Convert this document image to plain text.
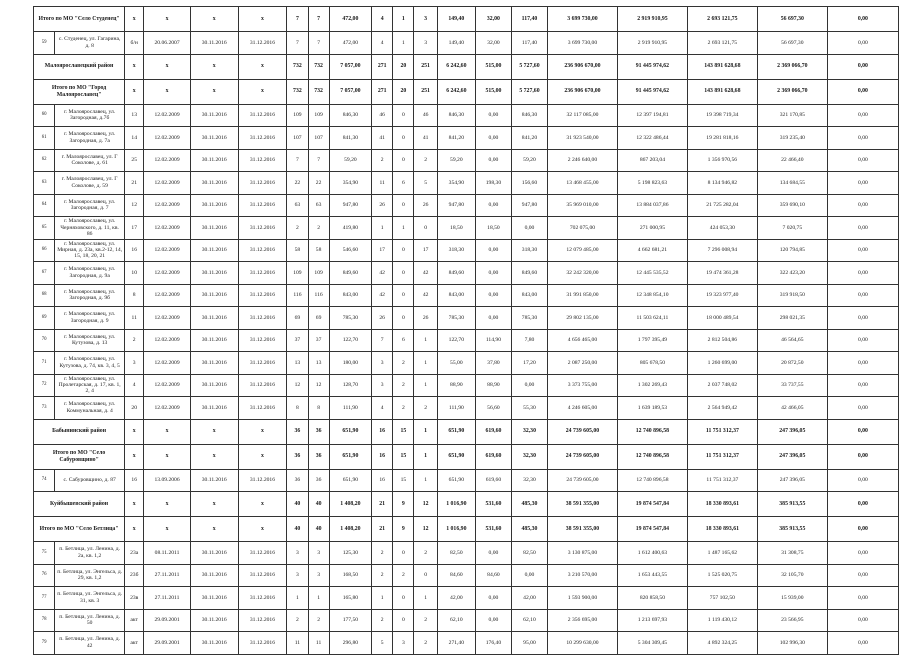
Итого по МО "Село Студенец"		х	х	х	х	7	7	472,00	4	1	3	149,40	32,00	117,40	3 699 730,00	2 919 910,95	2 693 121,75	56 697,30	0,00
59	с. Студенец, ул. Гагарина, д. 8	б/н	20.06.2007	30.11.2016	31.12.2016	7	7	472,00	4	1	3	149,40	32,00	117,40	3 699 730,00	2 919 910,95	2 693 121,75	56 697,30	0,00
Малоярославецкий район		х	х	х	х	732	732	7 057,00	271	20	251	6 242,60	515,00	5 727,60	236 906 670,00	91 445 974,62	143 891 628,68	2 369 066,70	0,00
Итого по МО "Город Малоярославец"		х	х	х	х	732	732	7 057,00	271	20	251	6 242,60	515,00	5 727,60	236 906 670,00	91 445 974,62	143 891 628,68	2 369 066,70	0,00
60	г. Малоярославец, ул. Загородная, д.7б	13	12.02.2009	30.11.2016	31.12.2016	109	109	846,30	46	0	46	846,30	0,00	846,30	32 117 085,00	12 397 194,81	19 398 719,34	321 170,85	0,00
61	г. Малоярославец, ул. Загородная, д. 7а	14	12.02.2009	30.11.2016	31.12.2016	107	107	841,30	41	0	41	841,20	0,00	841,20	31 923 540,00	12 322 486,44	19 281 818,16	319 235,40	0,00
62	г. Малоярославец, ул. Г Соколове, д. 61	25	12.02.2009	30.11.2016	31.12.2016	7	7	59,20	2	0	2	59,20	0,00	59,20	2 246 640,00	867 203,04	1 356 970,56	22 466,40	0,00
63	г. Малоярославец, ул. Г Соколове, д. 59	21	12.02.2009	30.11.2016	31.12.2016	22	22	354,90	11	6	5	354,90	198,30	156,60	13 468 455,00	5 198 823,63	8 134 946,82	134 684,55	0,00
64	г. Малоярославец, ул. Загородная, д. 7	12	12.02.2009	30.11.2016	31.12.2016	63	63	947,80	26	0	26	947,80	0,00	947,80	35 969 010,00	13 884 037,86	21 725 282,04	359 690,10	0,00
65	г. Малоярославец, ул. Черняховского, д. 11, кв. 86	17	12.02.2009	30.11.2016	31.12.2016	2	2	419,80	1	1	0	18,50	18,50	0,00	702 075,00	271 000,95	424 053,30	7 020,75	0,00
66	г. Малоярославец, ул. Мирная, д. 23а, кв.2-12, 14, 15, 18, 20, 21	16	12.02.2009	30.11.2016	31.12.2016	58	58	546,60	17	0	17	318,30	0,00	318,30	12 079 485,00	4 662 681,21	7 296 008,94	120 794,85	0,00
67	г. Малоярославец, ул. Загородная, д. 9а	10	12.02.2009	30.11.2016	31.12.2016	109	109	849,60	42	0	42	849,60	0,00	849,60	32 242 320,00	12 445 535,52	19 474 361,28	322 423,20	0,00
68	г. Малоярославец, ул. Загородная, д. 9б	8	12.02.2009	30.11.2016	31.12.2016	116	116	843,00	42	0	42	843,00	0,00	843,00	31 991 850,00	12 348 854,10	19 323 977,40	319 918,50	0,00
69	г. Малоярославец, ул. Загородная, д. 9	11	12.02.2009	30.11.2016	31.12.2016	69	69	785,30	26	0	26	785,30	0,00	785,30	29 802 135,00	11 503 624,11	18 000 489,54	298 021,35	0,00
70	г. Малоярославец, ул. Кутузова, д. 13	2	12.02.2009	30.11.2016	31.12.2016	37	37	122,70	7	6	1	122,70	114,90	7,80	4 656 465,00	1 797 395,49	2 812 504,86	46 564,65	0,00
71	г. Малоярославец, ул. Кутузова, д. 74, кв. 3, 4, 5	3	12.02.2009	30.11.2016	31.12.2016	13	13	180,00	3	2	1	55,00	37,80	17,20	2 087 250,00	805 678,50	1 260 699,00	20 872,50	0,00
72	г. Малоярославец, ул. Пролетарская, д. 17, кв. 1, 2, 4	4	12.02.2009	30.11.2016	31.12.2016	12	12	128,70	3	2	1	88,90	88,90	0,00	3 373 755,00	1 302 269,43	2 037 748,02	33 737,55	0,00
73	г. Малоярославец, ул. Коммунальная, д. 4	20	12.02.2009	30.11.2016	31.12.2016	8	8	111,90	4	2	2	111,90	56,60	55,30	4 246 605,00	1 639 189,53	2 564 949,42	42 466,05	0,00
Бабынинский район		х	х	х	х	36	36	651,90	16	15	1	651,90	619,60	32,30	24 739 605,00	12 740 896,58	11 751 312,37	247 396,05	0,00
Итого по МО "Село Сабуровщино"		х	х	х	х	36	36	651,90	16	15	1	651,90	619,60	32,30	24 739 605,00	12 740 896,58	11 751 312,37	247 396,05	0,00
74	с. Сабуровщино, д. 87	16	13.09.2006	30.11.2016	31.12.2016	36	36	651,90	16	15	1	651,90	619,60	32,30	24 739 605,00	12 740 896,58	11 751 312,37	247 396,05	0,00
Куйбышевский район		х	х	х	х	40	40	1 408,20	21	9	12	1 016,90	531,60	485,30	38 591 355,00	19 874 547,84	18 330 893,61	385 913,55	0,00
Итого по МО "Село Бетлица"		х	х	х	х	40	40	1 408,20	21	9	12	1 016,90	531,60	485,30	38 591 355,00	19 874 547,84	18 330 893,61	385 913,55	0,00
75	п. Бетлица, ул. Ленина, д. 2а, кв. 1,2	23а	08.11.2011	30.11.2016	31.12.2016	3	3	125,30	2	0	2	82,50	0,00	82,50	3 130 875,00	1 612 400,63	1 487 165,62	31 308,75	0,00
76	п. Бетлица, ул. Энгельса, д. 29, кв. 1,2	23б	27.11.2011	30.11.2016	31.12.2016	3	3	168,50	2	2	0	84,60	84,60	0,00	3 210 570,00	1 653 443,55	1 525 020,75	32 105,70	0,00
77	п. Бетлица, ул. Энгельса, д. 31, кв. 3	23в	27.11.2011	30.11.2016	31.12.2016	1	1	165,80	1	0	1	42,00	0,00	42,00	1 593 900,00	820 858,50	757 102,50	15 939,00	0,00
78	п. Бетлица, ул. Ленина, д. 50	акт	29.09.2001	30.11.2016	31.12.2016	2	2	177,50	2	0	2	62,10	0,00	62,10	2 356 695,00	1 213 697,93	1 119 430,12	23 566,95	0,00
79	п. Бетлица, ул. Ленина, д. 42	акт	29.09.2001	30.11.2016	31.12.2016	11	11	296,80	5	3	2	271,40	176,40	95,00	10 299 630,00	5 304 309,45	4 892 324,25	102 996,30	0,00
